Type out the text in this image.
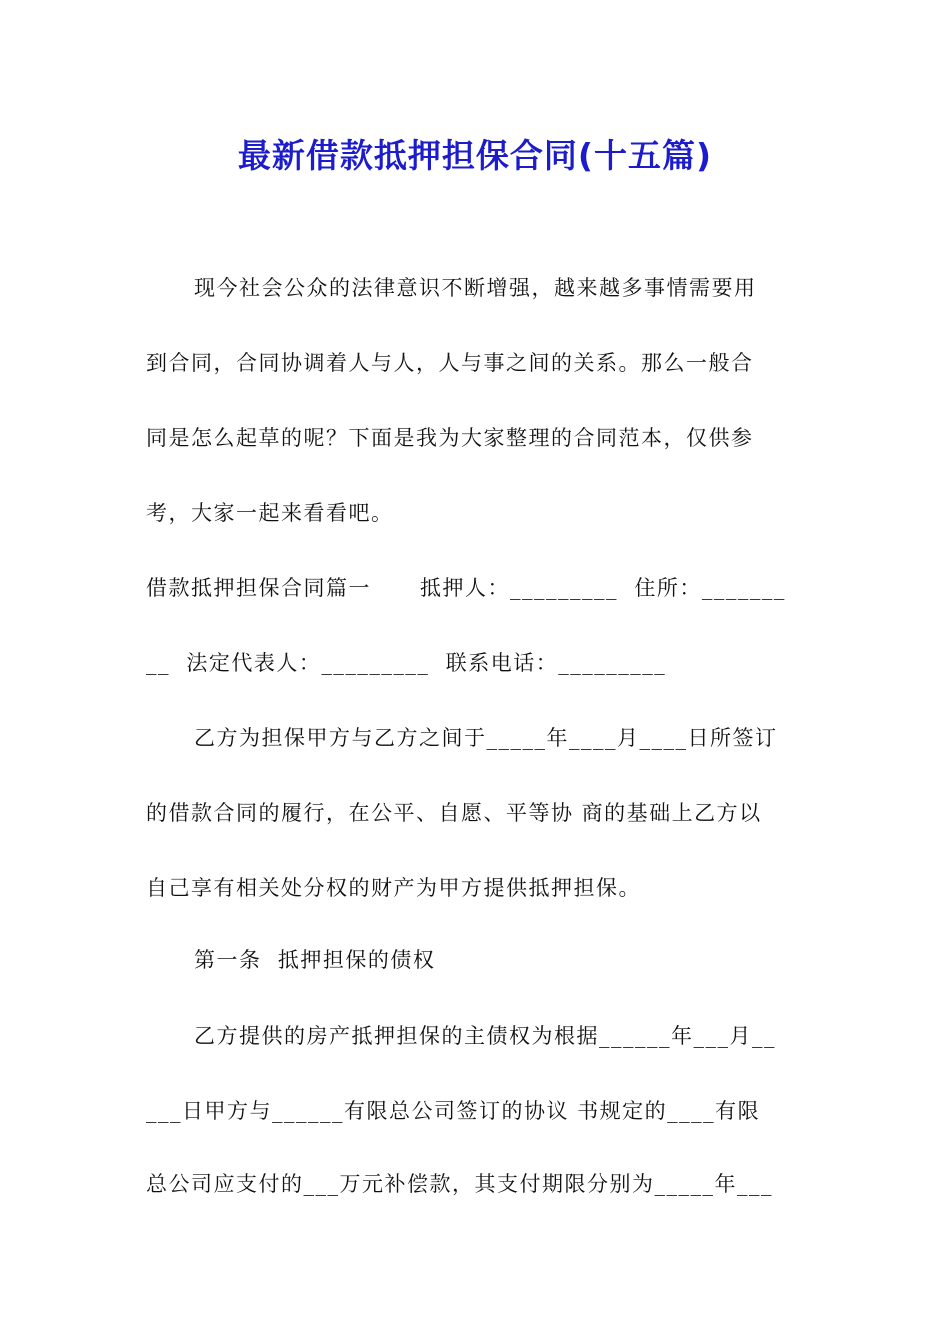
最新借款抵押担保合同(十五篇)
现今社会公众的法律意识不断增强，越来越多事情需要用
到合同，合同协调着人与人，人与事之间的关系。那么一般合
同是怎么起草的呢？下面是我为大家整理的合同范本，仅供参
考，大家一起来看看吧。
借款抵押担保合同篇一      抵押人：_________  住所：_______
__  法定代表人：_________  联系电话：_________
乙方为担保甲方与乙方之间于_____年____月____日所签订
的借款合同的履行，在公平、自愿、平等协 商的基础上乙方以
自己享有相关处分权的财产为甲方提供抵押担保。
第一条  抵押担保的债权
乙方提供的房产抵押担保的主债权为根据______年___月__
___日甲方与______有限总公司签订的协议 书规定的____有限
总公司应支付的___万元补偿款，其支付期限分别为_____年___
